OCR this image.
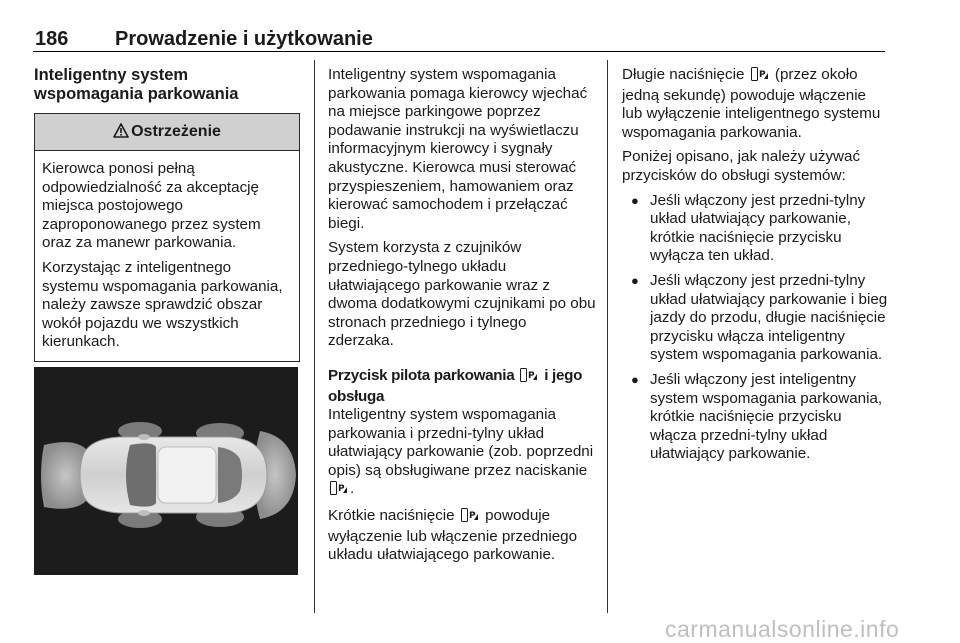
186 Prowadzenie i użytkowanie
Inteligentny system wspomagania parkowania
Ostrzeżenie

Kierowca ponosi pełną odpowiedzialność za akceptację miejsca postojowego zaproponowanego przez system oraz za manewr parkowania.

Korzystając z inteligentnego systemu wspomagania parkowania, należy zawsze sprawdzić obszar wokół pojazdu we wszystkich kierunkach.

Inteligentny system wspomagania parkowania pomaga kierowcy wjechać na miejsce parkingowe poprzez podawanie instrukcji na wyświetlaczu informacyjnym kierowcy i sygnały akustyczne. Kierowca musi sterować przyspieszeniem, hamowaniem oraz kierować samochodem i przełączać biegi.

System korzysta z czujników przedniego-tylnego układu ułatwiającego parkowanie wraz z dwoma dodatkowymi czujnikami po obu stronach przedniego i tylnego zderzaka.

Przycisk pilota parkowania P i jego obsługa

Inteligentny system wspomagania parkowania i przedni-tylny układ ułatwiający parkowanie (zob. poprzedni opis) są obsługiwane przez naciskanie
P .

Krótkie naciśnięcie P powoduje wyłączenie lub włączenie przedniego układu ułatwiającego parkowanie.

Długie naciśnięcie P (przez około jedną sekundę) powoduje włączenie lub wyłączenie inteligentnego systemu wspomagania parkowania.

Poniżej opisano, jak należy używać przycisków do obsługi systemów:

● Jeśli włączony jest przedni-tylny układ ułatwiający parkowanie, krótkie naciśnięcie przycisku wyłącza ten układ.
● Jeśli włączony jest przedni-tylny układ ułatwiający parkowanie i bieg jazdy do przodu, długie naciśnięcie przycisku włącza inteligentny system wspomagania parkowania.
● Jeśli włączony jest inteligentny system wspomagania parkowania, krótkie naciśnięcie przycisku włącza przedni-tylny układ ułatwiający parkowanie.
carmanualsonline.info
